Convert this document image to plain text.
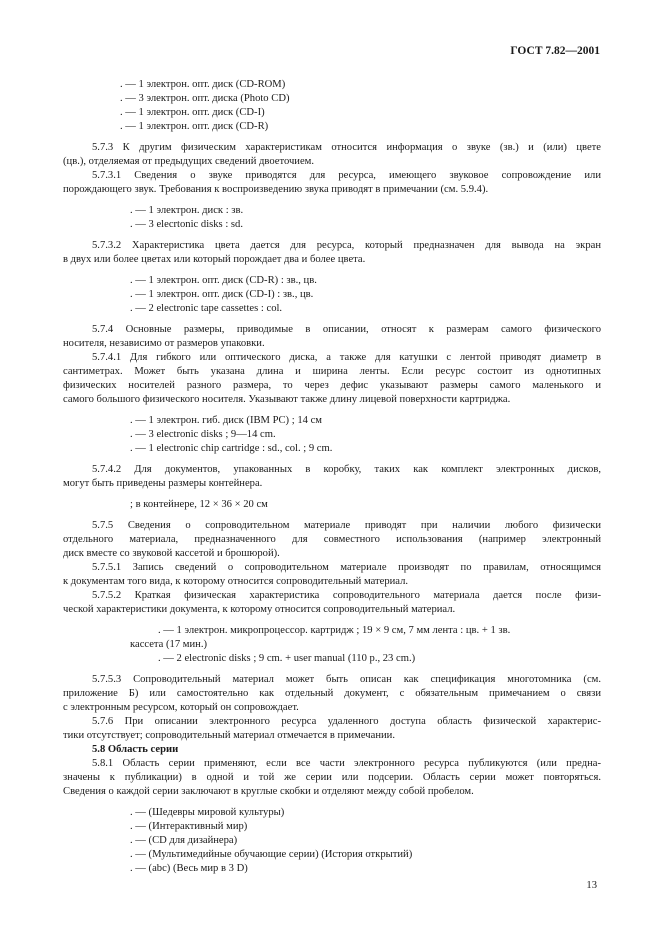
ГОСТ 7.82—2001
. — 1 электрон. опт. диск (CD-ROM)
. — 3 электрон. опт. диска (Photo CD)
. — 1 электрон. опт. диск (CD-I)
. — 1 электрон. опт. диск (CD-R)
5.7.3 К другим физическим характеристикам относится информация о звуке (зв.) и (или) цвете
(цв.), отделяемая от предыдущих сведений двоеточием.
5.7.3.1 Сведения о звуке приводятся для ресурса, имеющего звуковое сопровождение или
порождающего звук. Требования к воспроизведению звука приводят в примечании (см. 5.9.4).
. — 1 электрон. диск : зв.
. — 3 elecrtonic disks : sd.
5.7.3.2 Характеристика цвета дается для ресурса, который предназначен для вывода на экран
в двух или более цветах или который порождает два и более цвета.
. — 1 электрон. опт. диск (CD-R) : зв., цв.
. — 1 электрон. опт. диск (CD-I) : зв., цв.
. — 2 electronic tape cassettes : col.
5.7.4 Основные размеры, приводимые в описании, относят к размерам самого физического
носителя, независимо от размеров упаковки.
5.7.4.1 Для гибкого или оптического диска, а также для катушки с лентой приводят диаметр в
сантиметрах. Может быть указана длина и ширина ленты. Если ресурс состоит из однотипных
физических носителей разного размера, то через дефис указывают размеры самого маленького и
самого большого физического носителя. Указывают также длину лицевой поверхности картриджа.
. — 1 электрон. гиб. диск (IBM PC) ; 14 см
. — 3 electronic disks ; 9—14 cm.
. — 1 electronic chip cartridge : sd., col. ; 9 cm.
5.7.4.2 Для документов, упакованных в коробку, таких как комплект электронных дисков,
могут быть приведены размеры контейнера.
; в контейнере, 12 × 36 × 20 см
5.7.5 Сведения о сопроводительном материале приводят при наличии любого физически
отдельного материала, предназначенного для совместного использования (например электронный
диск вместе со звуковой кассетой и брошюрой).
5.7.5.1 Запись сведений о сопроводительном материале производят по правилам, относящимся
к документам того вида, к которому относится сопроводительный материал.
5.7.5.2 Краткая физическая характеристика сопроводительного материала дается после физи-
ческой характеристики документа, к которому относится сопроводительный материал.
. — 1 электрон. микропроцессор. картридж ; 19 × 9 см, 7 мм лента : цв. + 1 зв.
кассета (17 мин.)
. — 2 electronic disks ; 9 cm. + user manual (110 p., 23 cm.)
5.7.5.3 Сопроводительный материал может быть описан как спецификация многотомника (см.
приложение Б) или самостоятельно как отдельный документ, с обязательным примечанием о связи
с электронным ресурсом, который он сопровождает.
5.7.6 При описании электронного ресурса удаленного доступа область физической характерис-
тики отсутствует; сопроводительный материал отмечается в примечании.
5.8 Область серии
5.8.1 Область серии применяют, если все части электронного ресурса публикуются (или предна-
значены к публикации) в одной и той же серии или подсерии. Область серии может повторяться.
Сведения о каждой серии заключают в круглые скобки и отделяют между собой пробелом.
. — (Шедевры мировой культуры)
. — (Интерактивный мир)
. — (CD для дизайнера)
. — (Мультимедийные обучающие серии) (История открытий)
. — (abc) (Весь мир в 3 D)
13
